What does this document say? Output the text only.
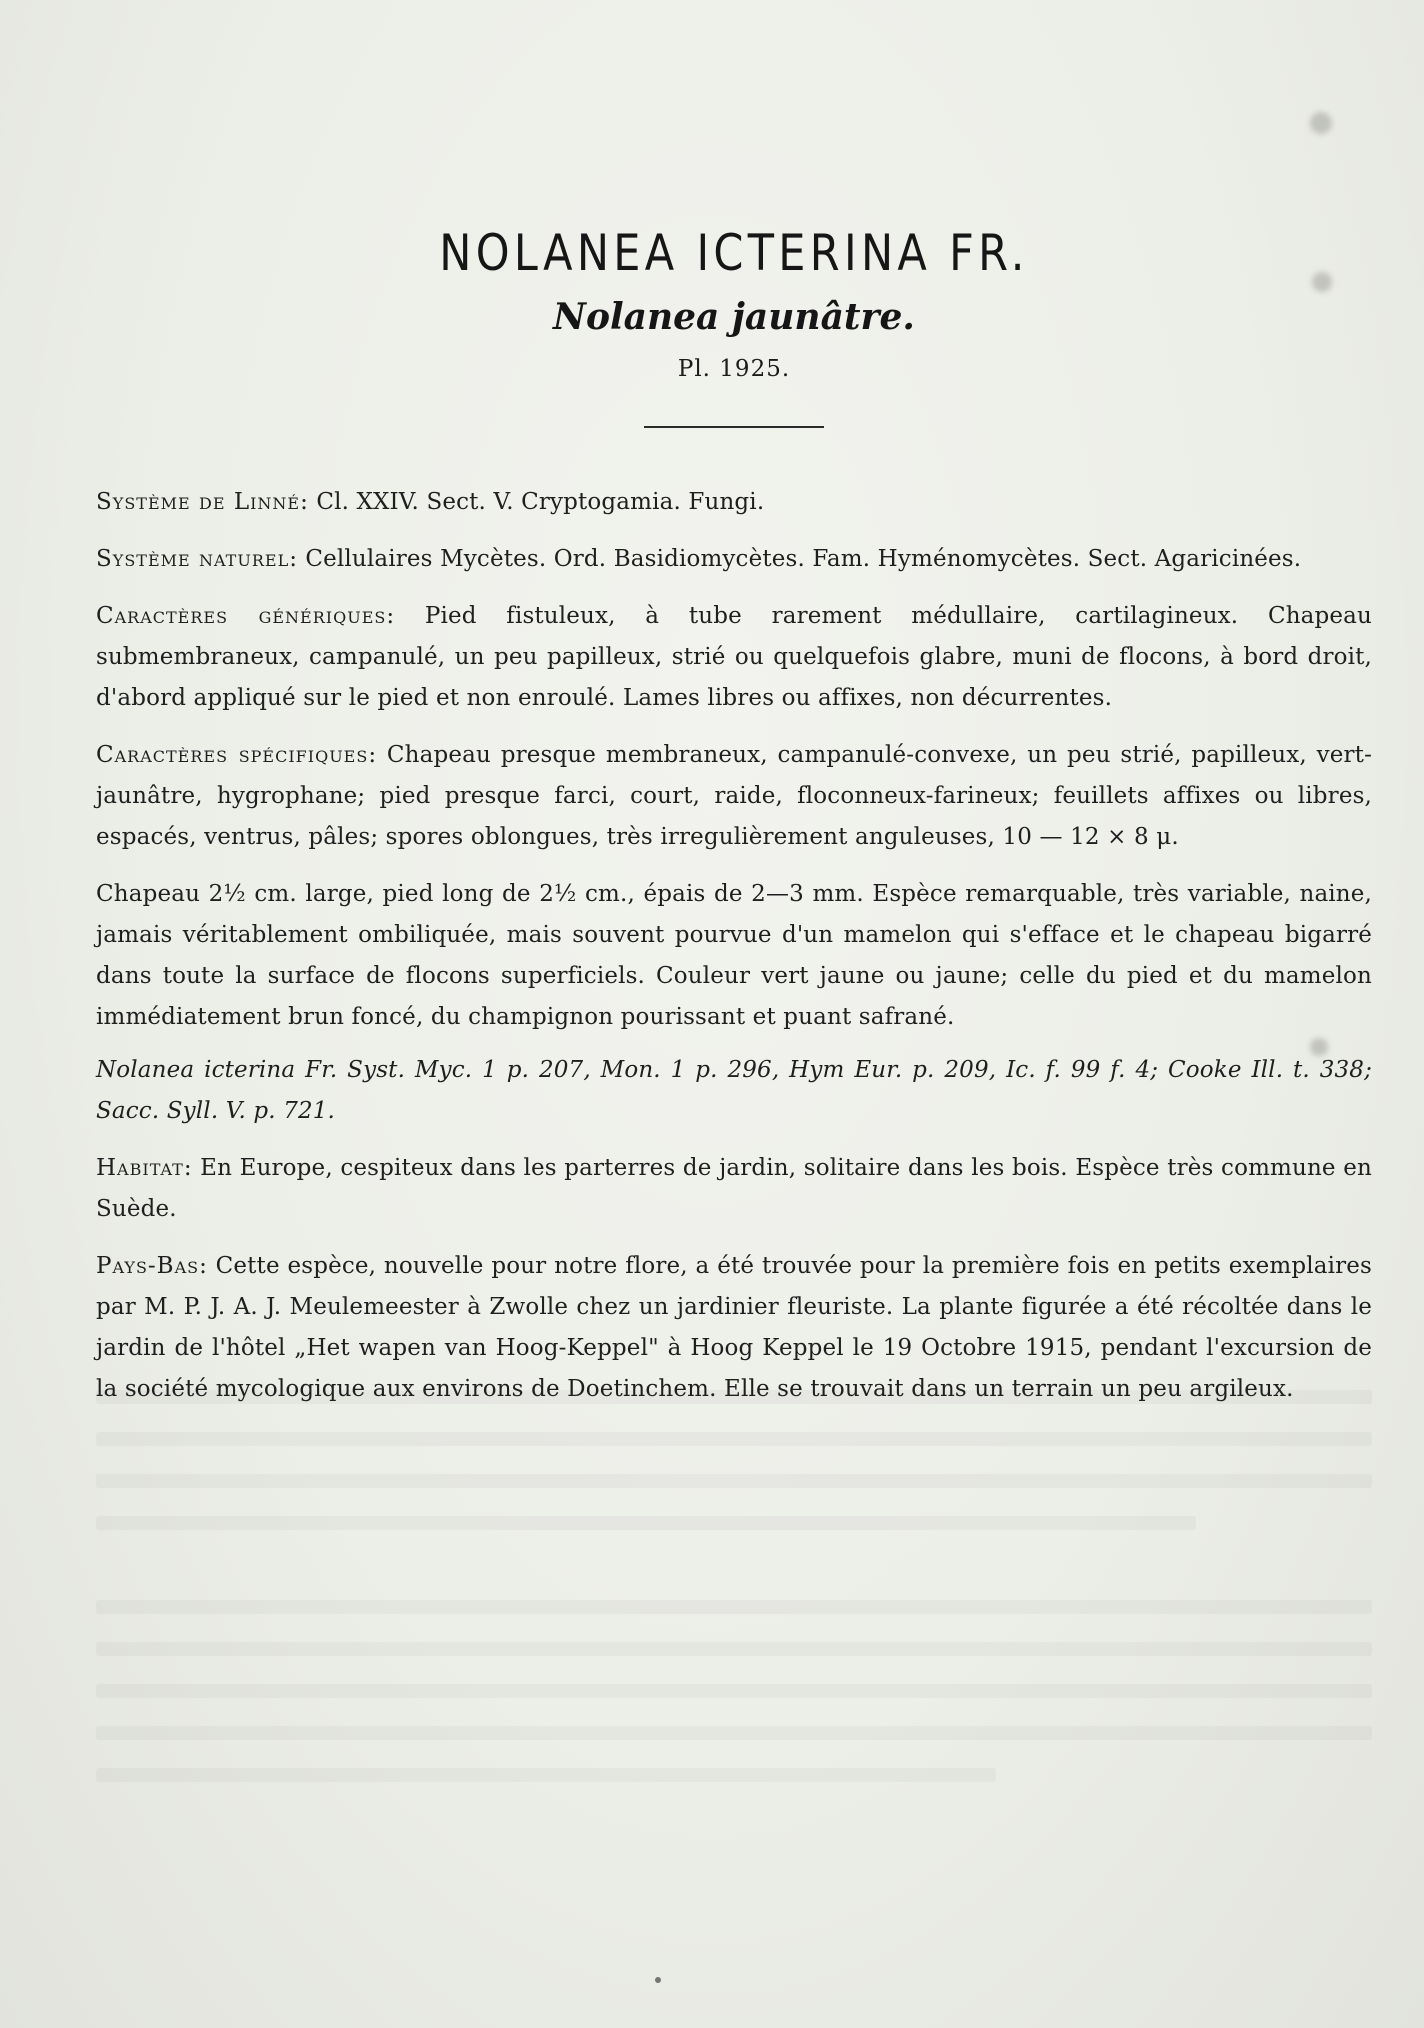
NOLANEA ICTERINA FR.
Nolanea jaunâtre.
Pl. 1925.

Système de Linné: Cl. XXIV. Sect. V. Cryptogamia. Fungi.

Système naturel: Cellulaires Mycètes. Ord. Basidiomycètes. Fam. Hyménomycètes. Sect. Agaricinées.

Caractères génériques: Pied fistuleux, à tube rarement médullaire, cartilagineux. Chapeau submembraneux, campanulé, un peu papilleux, strié ou quelquefois glabre, muni de flocons, à bord droit, d'abord appliqué sur le pied et non enroulé. Lames libres ou affixes, non décurrentes.

Caractères spécifiques: Chapeau presque membraneux, campanulé-convexe, un peu strié, papilleux, vert-jaunâtre, hygrophane; pied presque farci, court, raide, floconneux-farineux; feuillets affixes ou libres, espacés, ventrus, pâles; spores oblongues, très irregulièrement anguleuses, 10 — 12 × 8 μ.

Chapeau 2½ cm. large, pied long de 2½ cm., épais de 2—3 mm. Espèce remarquable, très variable, naine, jamais véritablement ombiliquée, mais souvent pourvue d'un mamelon qui s'efface et le chapeau bigarré dans toute la surface de flocons superficiels. Couleur vert jaune ou jaune; celle du pied et du mamelon immédiatement brun foncé, du champignon pourissant et puant safrané.

Nolanea icterina Fr. Syst. Myc. 1 p. 207, Mon. 1 p. 296, Hym Eur. p. 209, Ic. f. 99 f. 4; Cooke Ill. t. 338; Sacc. Syll. V. p. 721.

Habitat: En Europe, cespiteux dans les parterres de jardin, solitaire dans les bois. Espèce très commune en Suède.

Pays-Bas: Cette espèce, nouvelle pour notre flore, a été trouvée pour la première fois en petits exemplaires par M. P. J. A. J. Meulemeester à Zwolle chez un jardinier fleuriste. La plante figurée a été récoltée dans le jardin de l'hôtel „Het wapen van Hoog-Keppel" à Hoog Keppel le 19 Octobre 1915, pendant l'excursion de la société mycologique aux environs de Doetinchem. Elle se trouvait dans un terrain un peu argileux.
